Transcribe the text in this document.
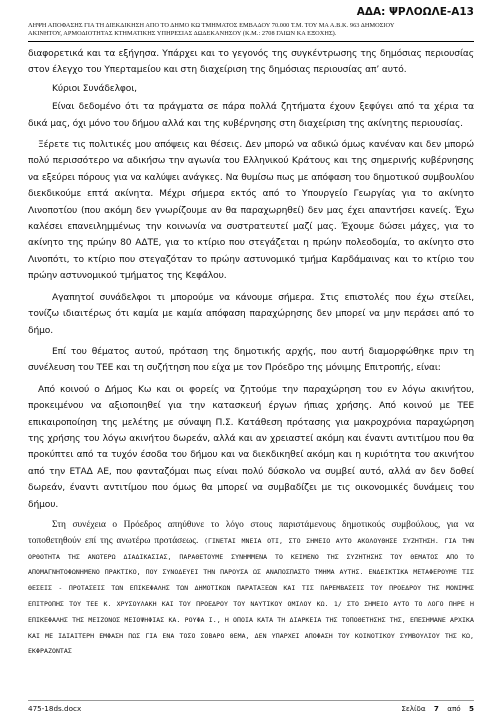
ΑΔΑ: ΨΡΛΟΩΛΕ-Α13
ΛΗΨΗ ΑΠΟΦΑΣΗΣ ΓΙΑ ΤΗ ΔΙΕΚΔΙΚΗΣΗ ΑΠΟ ΤΟ ΔΗΜΟ ΚΩ ΤΜΗΜΑΤΟΣ ΕΜΒΑΔΟΥ 70.000 Τ.Μ. ΤΟΥ ΜΑ Α.Β.Κ. 963 ΔΗΜΟΣΙΟΥ
ΑΚΙΝΗΤΟΥ, ΑΡΜΟΔΙΟΤΗΤΑΣ ΚΤΗΜΑΤΙΚΗΣ ΥΠΗΡΕΣΙΑΣ ΔΩΔΕΚΑΝΗΣΟΥ (Κ.Μ.: 2708 ΓΑΙΩΝ ΚΑ ΕΞΟΧΗΣ).

διαφορετικά και τα εξήγησα. Υπάρχει και το γεγονός της συγκέντρωσης της δημόσιας περιουσίας στον έλεγχο του Υπερταμείου και στη διαχείριση της δημόσιας περιουσίας απ’ αυτό.

Κύριοι Συνάδελφοι,

Είναι δεδομένο ότι τα πράγματα σε πάρα πολλά ζητήματα έχουν ξεφύγει από τα χέρια τα δικά μας, όχι μόνο του δήμου αλλά και της κυβέρνησης στη διαχείριση της ακίνητης περιουσίας.

Ξέρετε τις πολιτικές μου απόψεις και θέσεις. Δεν μπορώ να αδικώ όμως κανέναν και δεν μπορώ πολύ περισσότερο να αδικήσω την αγωνία του Ελληνικού Κράτους και της σημερινής κυβέρνησης να εξεύρει πόρους για να καλύψει ανάγκες. Να θυμίσω πως με απόφαση του δημοτικού συμβουλίου διεκδικούμε επτά ακίνητα. Μέχρι σήμερα εκτός από το Υπουργείο Γεωργίας για το ακίνητο Λινοποτίου (που ακόμη δεν γνωρίζουμε αν θα παραχωρηθεί) δεν μας έχει απαντήσει κανείς. Έχω καλέσει επανειλημμένως την κοινωνία να συστρατευτεί μαζί μας. Έχουμε δώσει μάχες, για το ακίνητο της πρώην 80 ΑΔΤΕ, για το κτίριο που στεγάζεται η πρώην πολεοδομία, το ακίνητο στο Λινοπότι, το κτίριο που στεγαζόταν το πρώην αστυνομικό τμήμα Καρδάμαινας και το κτίριο του πρώην αστυνομικού τμήματος της Κεφάλου.

Αγαπητοί συνάδελφοι τι μπορούμε να κάνουμε σήμερα. Στις επιστολές που έχω στείλει, τονίζω ιδιαιτέρως ότι καμία με καμία απόφαση παραχώρησης δεν μπορεί να μην περάσει από το δήμο.

Επί του θέματος αυτού, πρόταση της δημοτικής αρχής, που αυτή διαμορφώθηκε πριν τη συνέλευση του ΤΕΕ και τη συζήτηση που είχα με τον Πρόεδρο της μόνιμης Επιτροπής, είναι:

Από κοινού ο Δήμος Κω και οι φορείς να ζητούμε την παραχώρηση του εν λόγω ακινήτου, προκειμένου να αξιοποιηθεί για την κατασκευή έργων ήπιας χρήσης. Από κοινού με ΤΕΕ επικαιροποίηση της μελέτης με σύναψη Π.Σ. Κατάθεση πρότασης για μακροχρόνια παραχώρηση της χρήσης του λόγω ακινήτου δωρεάν, αλλά και αν χρειαστεί ακόμη και έναντι αντιτίμου που θα προκύπτει από τα τυχόν έσοδα του δήμου και να διεκδικηθεί ακόμη και η κυριότητα του ακινήτου από την ΕΤΑΔ ΑΕ, που φανταζόμαι πως είναι πολύ δύσκολο να συμβεί αυτό, αλλά αν δεν δοθεί δωρεάν, έναντι αντιτίμου που όμως θα μπορεί να συμβαδίζει με τις οικονομικές δυνάμεις του δήμου.

Στη συνέχεια ο Πρόεδρος απηύθυνε το λόγο στους παριστάμενους δημοτικούς συμβούλους, για να τοποθετηθούν επί της ανωτέρω προτάσεως. (ΓΙΝΕΤΑΙ ΜΝΕΙΑ ΟΤΙ, ΣΤΟ ΣΗΜΕΙΟ ΑΥΤΟ ΑΚΟΛΟΥΘΗΣΕ ΣΥΖΗΤΗΣΗ. ΓΙΑ ΤΗΝ ΟΡΘΟΤΗΤΑ ΤΗΣ ΑΝΩΤΕΡΩ ΔΙΑΔΙΚΑΣΙΑΣ, ΠΑΡΑΘΕΤΟΥΜΕ ΣΥΝΗΜΜΕΝΑ ΤΟ ΚΕΙΜΕΝΟ ΤΗΣ ΣΥΖΗΤΗΣΗΣ ΤΟΥ ΘΕΜΑΤΟΣ ΑΠΟ ΤΟ ΑΠΟΜΑΓΝΗΤΟΦΩΝΗΜΕΝΟ ΠΡΑΚΤΙΚΟ, ΠΟΥ ΣΥΝΟΔΕΥΕΙ ΤΗΝ ΠΑΡΟΥΣΑ ΩΣ ΑΝΑΠΟΣΠΑΣΤΟ ΤΜΗΜΑ ΑΥΤΗΣ. ΕΝΔΕΙΚΤΙΚΑ ΜΕΤΑΦΕΡΟΥΜΕ ΤΙΣ ΘΕΣΕΙΣ - ΠΡΟΤΑΣΕΙΣ ΤΩΝ ΕΠΙΚΕΦΑΛΗΣ ΤΩΝ ΔΗΜΟΤΙΚΩΝ ΠΑΡΑΤΑΞΕΩΝ ΚΑΙ ΤΙΣ ΠΑΡΕΜΒΑΣΕΙΣ ΤΟΥ ΠΡΟΕΔΡΟΥ ΤΗΣ ΜΟΝΙΜΗΣ ΕΠΙΤΡΟΠΗΣ ΤΟΥ ΤΕΕ Κ. ΧΡΥΣΟΥΛΑΚΗ ΚΑΙ ΤΟΥ ΠΡΟΕΔΡΟΥ ΤΟΥ ΝΑΥΤΙΚΟΥ ΟΜΙΛΟΥ ΚΩ. 1/ ΣΤΟ ΣΗΜΕΙΟ ΑΥΤΟ ΤΟ ΛΟΓΟ ΠΗΡΕ Η ΕΠΙΚΕΦΑΛΗΣ ΤΗΣ ΜΕΙΖΟΝΟΣ ΜΕΙΟΨΗΦΙΑΣ ΚΑ. ΡΟΥΦΑ Ι., Η ΟΠΟΙΑ ΚΑΤΑ ΤΗ ΔΙΑΡΚΕΙΑ ΤΗΣ ΤΟΠΟΘΕΤΗΣΗΣ ΤΗΣ, ΕΠΕΣΗΜΑΝΕ ΑΡΧΙΚΑ ΚΑΙ ΜΕ ΙΔΙΑΙΤΕΡΗ ΕΜΦΑΣΗ ΠΩΣ ΓΙΑ ΕΝΑ ΤΟΣΟ ΣΟΒΑΡΟ ΘΕΜΑ, ΔΕΝ ΥΠΑΡΧΕΙ ΑΠΟΦΑΣΗ ΤΟΥ ΚΟΙΝΟΤΙΚΟΥ ΣΥΜΒΟΥΛΙΟΥ ΤΗΣ ΚΩ, ΕΚΦΡΑΖΟΝΤΑΣ

475-18ds.docx	Σελίδα 7 από 5
